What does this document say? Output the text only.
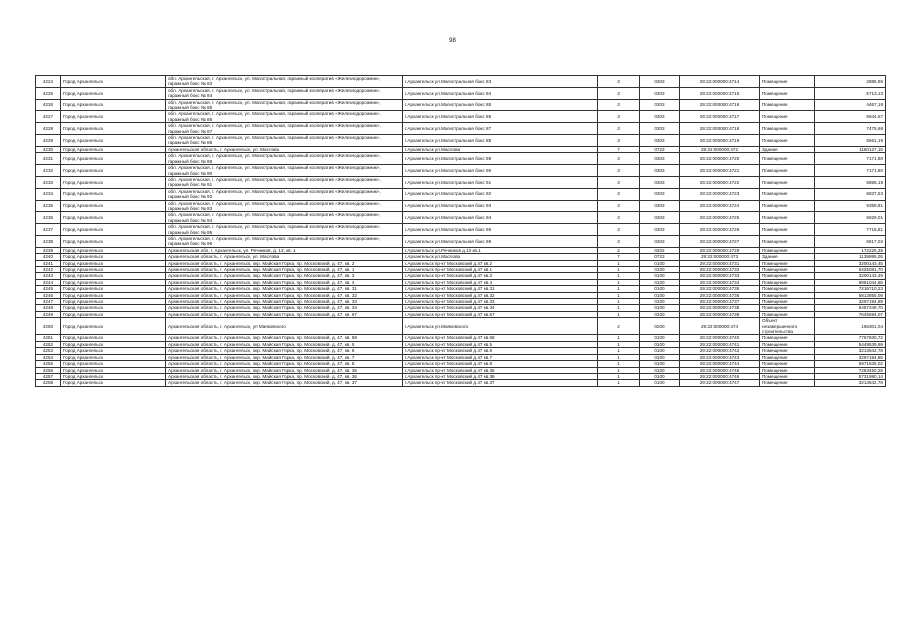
98
4224	Город Архангельск	обл. Архангельская, г. Архангельск, ул. Магистральная, гаражный кооператив «Железнодорожник», гаражный бокс № 83	г.Архангельск ул.Магистральная бокс 83	3	0303	29:22:000000:4714	Помещение	2886,96
4225	Город Архангельск	обл. Архангельская, г. Архангельск, ул. Магистральная, гаражный кооператив «Железнодорожник», гаражный бокс № 84	г.Архангельск ул.Магистральная бокс 84	3	0303	29:22:000000:4715	Помещение	5713,13
4226	Город Архангельск	обл. Архангельская, г. Архангельск, ул. Магистральная, гаражный кооператив «Железнодорожник», гаражный бокс № 85	г.Архангельск ул.Магистральная бокс 85	3	0303	29:22:000000:4716	Помещение	4467,18
4227	Город Архангельск	обл. Архангельская, г. Архангельск, ул. Магистральная, гаражный кооператив «Железнодорожник», гаражный бокс № 86	г.Архангельск ул.Магистральная бокс 86	3	0303	29:22:000000:4717	Помещение	5944,57
4228	Город Архангельск	обл. Архангельская, г. Архангельск, ул. Магистральная, гаражный кооператив «Железнодорожник», гаражный бокс № 87	г.Архангельск ул.Магистральная бокс 87	3	0303	29:22:000000:4718	Помещение	7475,68
4229	Город Архангельск	обл. Архангельская, г. Архангельск, ул. Магистральная, гаражный кооператив «Железнодорожник», гаражный бокс № 88	г.Архангельск ул.Магистральная бокс 88	3	0303	29:22:000000:4719	Помещение	5561,19
4230	Город Архангельск	Архангельская область, г. Архангельск, ул. Маслова	г.Архангельск ул.Маслова	7	0723	29:22:000000:472	Здание	1160127,16
4231	Город Архангельск	обл. Архангельская, г. Архангельск, ул. Магистральная, гаражный кооператив «Железнодорожник», гаражный бокс № 89	г.Архангельск ул.Магистральная бокс 89	3	0303	29:22:000000:4720	Помещение	7171,80
4232	Город Архангельск	обл. Архангельская, г. Архангельск, ул. Магистральная, гаражный кооператив «Железнодорожник», гаражный бокс № 90	г.Архангельск ул.Магистральная бокс 90	3	0303	29:22:000000:4721	Помещение	7171,80
4233	Город Архангельск	обл. Архангельская, г. Архангельск, ул. Магистральная, гаражный кооператив «Железнодорожник», гаражный бокс № 91	г.Архангельск ул.Магистральная бокс 91	3	0303	29:22:000000:4722	Помещение	6855,19
4234	Город Архангельск	обл. Архангельская, г. Архангельск, ул. Магистральная, гаражный кооператив «Железнодорожник», гаражный бокс № 92	г.Архангельск ул.Магистральная бокс 92	3	0303	29:22:000000:4723	Помещение	6837,53
4235	Город Архангельск	обл. Архангельская, г. Архангельск, ул. Магистральная, гаражный кооператив «Железнодорожник», гаражный бокс № 93	г.Архангельск ул.Магистральная бокс 93	3	0303	29:22:000000:4724	Помещение	9359,81
4236	Город Архангельск	обл. Архангельская, г. Архангельск, ул. Магистральная, гаражный кооператив «Железнодорожник», гаражный бокс № 94	г.Архангельск ул.Магистральная бокс 94	3	0303	29:22:000000:4725	Помещение	5829,01
4237	Город Архангельск	обл. Архангельская, г. Архангельск, ул. Магистральная, гаражный кооператив «Железнодорожник», гаражный бокс № 95	г.Архангельск ул.Магистральная бокс 95	3	0303	29:22:000000:4726	Помещение	7718,81
4238	Город Архангельск	обл. Архангельская, г. Архангельск, ул. Магистральная, гаражный кооператив «Железнодорожник», гаражный бокс № 96	г.Архангельск ул.Магистральная бокс 96	3	0303	29:22:000000:4727	Помещение	6617,02
4239	Город Архангельск	Архангельская обл, г. Архангельск, ул. Речников, д. 13, кв. 1	г.Архангельск ул.Речников д.13 кв.1	2	0202	29:22:000000:4729	Помещение	172225,35
4240	Город Архангельск	Архангельская область, г. Архангельск, ул. Маслова	г.Архангельск ул.Маслова	7	0723	29:22:000000:473	Здание	1139995,05
4241	Город Архангельск	Архангельская область, г. Архангельск, окр. Майская Горка, пр. Московский, д. 47, кв. 2	г.Архангельск пр-кт Московский д.47 кв.2	1	0100	29:22:000000:4731	Помещение	3200143,45
4242	Город Архангельск	Архангельская область, г. Архангельск, окр. Майская Горка, пр. Московский, д. 47, кв. 1	г.Архангельск пр-кт Московский д.47 кв.1	1	0100	29:22:000000:4732	Помещение	5425081,70
4243	Город Архангельск	Архангельская область, г. Архангельск, окр. Майская Горка, пр. Московский, д. 47, кв. 3	г.Архангельск пр-кт Московский д.47 кв.3	1	0100	29:22:000000:4733	Помещение	3200143,49
4244	Город Архангельск	Архангельская область, г. Архангельск, окр. Майская Горка, пр. Московский, д. 47, кв. 4	г.Архангельск пр-кт Московский д.47 кв.4	1	0100	29:22:000000:4734	Помещение	5951044,86
4245	Город Архангельск	Архангельская область, г. Архангельск, окр. Майская Горка, пр. Московский, д. 47, кв. 31	г.Архангельск пр-кт Московский д.47 кв.31	1	0100	29:22:000000:4735	Помещение	7216710,23
4246	Город Архангельск	Архангельская область, г. Архангельск, окр. Майская Горка, пр. Московский, д. 47, кв. 32	г.Архангельск пр-кт Московский д.47 кв.32	1	0100	29:22:000000:4736	Помещение	5813855,09
4247	Город Архангельск	Архангельская область, г. Архангельск, окр. Майская Горка, пр. Московский, д. 47, кв. 33	г.Архангельск пр-кт Московский д.47 кв.33	1	0100	29:22:000000:4737	Помещение	3297194,89
4248	Город Архангельск	Архангельская область, г. Архангельск, окр. Майская Горка, пр. Московский, д. 47, кв. 34	г.Архангельск пр-кт Московский д.47 кв.34	1	0100	29:22:000000:4738	Помещение	5457249,70
4249	Город Архангельск	Архангельская область, г. Архангельск, окр. Майская Горка, пр. Московский, д. 47, кв. 67	г.Архангельск пр-кт Московский д.47 кв.67	1	0100	29:22:000000:4739	Помещение	7645594,07
4250	Город Архангельск	Архангельская область, г. Архангельск, ул Маяковского	г.Архангельск ул.Маяковского	2	0200	29:22:000000:474	Объект незавершенного строительства	166301,04
4251	Город Архангельск	Архангельская область, г. Архангельск, окр. Майская Горка, пр. Московский, д. 47, кв. 68	г.Архангельск пр-кт Московский д.47 кв.68	1	0100	29:22:000000:4740	Помещение	7767830,72
4252	Город Архангельск	Архангельская область, г. Архангельск, окр. Майская Горка, пр. Московский, д. 47, кв. 5	г.Архангельск пр-кт Московский д.47 кв.5	1	0100	29:22:000000:4741	Помещение	5449539,99
4253	Город Архангельск	Архангельская область, г. Архангельск, окр. Майская Горка, пр. Московский, д. 47, кв. 6	г.Архангельск пр-кт Московский д.47 кв.6	1	0100	29:22:000000:4742	Помещение	3213642,78
4254	Город Архангельск	Архангельская область, г. Архангельск, окр. Майская Горка, пр. Московский, д. 47, кв. 7	г.Архангельск пр-кт Московский д.47 кв.7	1	0100	29:22:000000:4743	Помещение	3297194,86
4255	Город Архангельск	Архангельская область, г. Архангельск, окр. Майская Горка, пр. Московский, д. 47, кв. 8	г.Архангельск пр-кт Московский д.47 кв.8	1	0100	29:22:000000:4744	Помещение	5971635,02
4256	Город Архангельск	Архангельская область, г. Архангельск, окр. Майская Горка, пр. Московский, д. 47, кв. 35	г.Архангельск пр-кт Московский д.47 кв.35	1	0100	29:22:000000:4745	Помещение	7263450,28
4257	Город Архангельск	Архангельская область, г. Архангельск, окр. Майская Горка, пр. Московский, д. 47, кв. 36	г.Архангельск пр-кт Московский д.47 кв.36	1	0100	29:22:000000:4746	Помещение	5731980,14
4258	Город Архангельск	Архангельская область, г. Архангельск, окр. Майская Горка, пр. Московский, д. 47, кв. 37	г.Архангельск пр-кт Московский д.47 кв.37	1	0100	29:22:000000:4747	Помещение	3213642,78
